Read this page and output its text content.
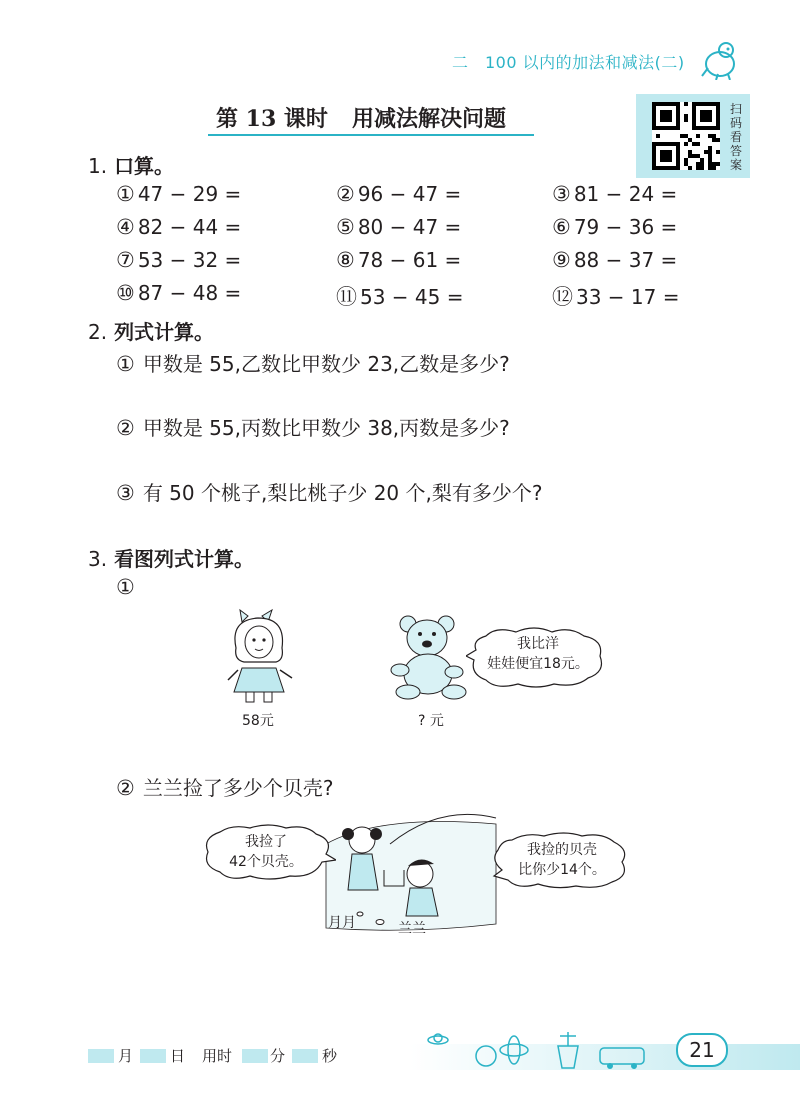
二　100 以内的加法和减法(二)
第 13 课时 用减法解决问题	扫
码
看
答
案
1. 口算。
① 47 − 29 =	② 96 − 47 =	③ 81 − 24 =
④ 82 − 44 =	⑤ 80 − 47 =	⑥ 79 − 36 =
⑦ 53 − 32 =	⑧ 78 − 61 =	⑨ 88 − 37 =
⑩ 87 − 48 =	⑪ 53 − 45 =	⑫ 33 − 17 =
2. 列式计算。
① 甲数是 55,乙数比甲数少 23,乙数是多少?
② 甲数是 55,丙数比甲数少 38,丙数是多少?
③ 有 50 个桃子,梨比桃子少 20 个,梨有多少个?
3. 看图列式计算。
①
58元	? 元
我比洋
娃娃便宜18元。
② 兰兰捡了多少个贝壳?
我捡了
42个贝壳。
我捡的贝壳
比你少14个。
月月	兰兰
21
月 日 用时	分 秒
